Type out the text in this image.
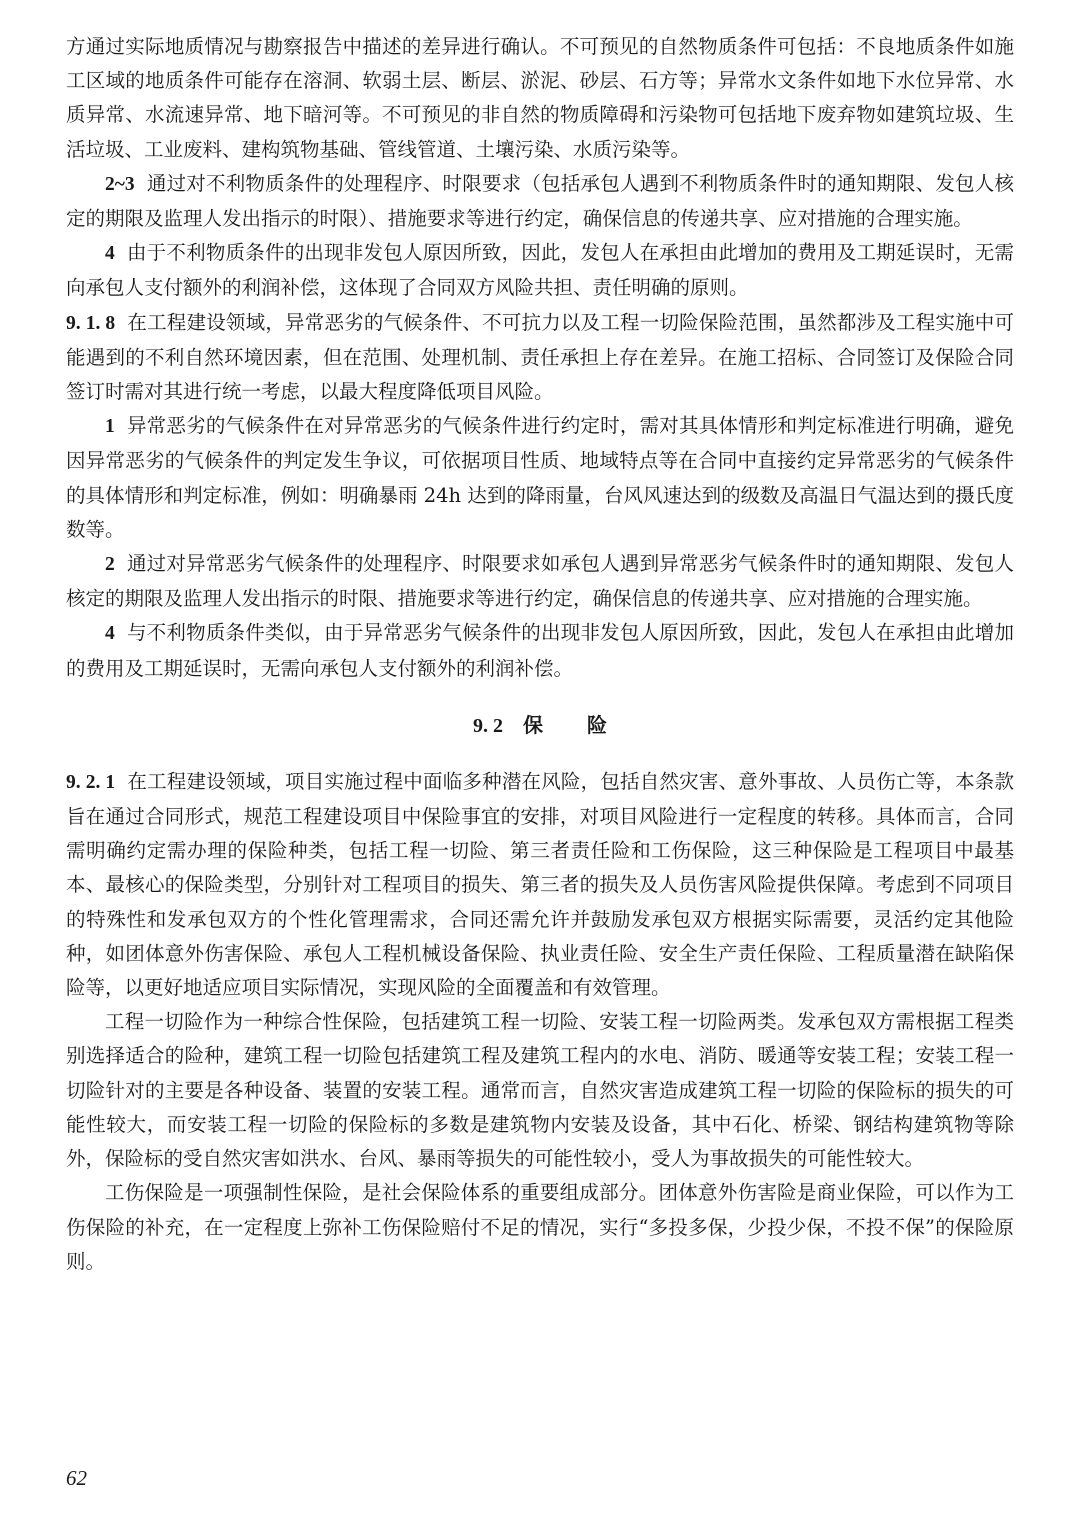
方通过实际地质情况与勘察报告中描述的差异进行确认。不可预见的自然物质条件可包括：不良地质条件如施工区域的地质条件可能存在溶洞、软弱土层、断层、淤泥、砂层、石方等；异常水文条件如地下水位异常、水质异常、水流速异常、地下暗河等。不可预见的非自然的物质障碍和污染物可包括地下废弃物如建筑垃圾、生活垃圾、工业废料、建构筑物基础、管线管道、土壤污染、水质污染等。

2~3 通过对不利物质条件的处理程序、时限要求（包括承包人遇到不利物质条件时的通知期限、发包人核定的期限及监理人发出指示的时限）、措施要求等进行约定，确保信息的传递共享、应对措施的合理实施。

4 由于不利物质条件的出现非发包人原因所致，因此，发包人在承担由此增加的费用及工期延误时，无需向承包人支付额外的利润补偿，这体现了合同双方风险共担、责任明确的原则。

9. 1. 8 在工程建设领域，异常恶劣的气候条件、不可抗力以及工程一切险保险范围，虽然都涉及工程实施中可能遇到的不利自然环境因素，但在范围、处理机制、责任承担上存在差异。在施工招标、合同签订及保险合同签订时需对其进行统一考虑，以最大程度降低项目风险。

1 异常恶劣的气候条件在对异常恶劣的气候条件进行约定时，需对其具体情形和判定标准进行明确，避免因异常恶劣的气候条件的判定发生争议，可依据项目性质、地域特点等在合同中直接约定异常恶劣的气候条件的具体情形和判定标准，例如：明确暴雨 24h 达到的降雨量，台风风速达到的级数及高温日气温达到的摄氏度数等。

2 通过对异常恶劣气候条件的处理程序、时限要求如承包人遇到异常恶劣气候条件时的通知期限、发包人核定的期限及监理人发出指示的时限、措施要求等进行约定，确保信息的传递共享、应对措施的合理实施。

4 与不利物质条件类似，由于异常恶劣气候条件的出现非发包人原因所致，因此，发包人在承担由此增加的费用及工期延误时，无需向承包人支付额外的利润补偿。

9. 2 保险

9. 2. 1 在工程建设领域，项目实施过程中面临多种潜在风险，包括自然灾害、意外事故、人员伤亡等，本条款旨在通过合同形式，规范工程建设项目中保险事宜的安排，对项目风险进行一定程度的转移。具体而言，合同需明确约定需办理的保险种类，包括工程一切险、第三者责任险和工伤保险，这三种保险是工程项目中最基本、最核心的保险类型，分别针对工程项目的损失、第三者的损失及人员伤害风险提供保障。考虑到不同项目的特殊性和发承包双方的个性化管理需求，合同还需允许并鼓励发承包双方根据实际需要，灵活约定其他险种，如团体意外伤害保险、承包人工程机械设备保险、执业责任险、安全生产责任保险、工程质量潜在缺陷保险等，以更好地适应项目实际情况，实现风险的全面覆盖和有效管理。

工程一切险作为一种综合性保险，包括建筑工程一切险、安装工程一切险两类。发承包双方需根据工程类别选择适合的险种，建筑工程一切险包括建筑工程及建筑工程内的水电、消防、暖通等安装工程；安装工程一切险针对的主要是各种设备、装置的安装工程。通常而言，自然灾害造成建筑工程一切险的保险标的损失的可能性较大，而安装工程一切险的保险标的多数是建筑物内安装及设备，其中石化、桥梁、钢结构建筑物等除外，保险标的受自然灾害如洪水、台风、暴雨等损失的可能性较小，受人为事故损失的可能性较大。

工伤保险是一项强制性保险，是社会保险体系的重要组成部分。团体意外伤害险是商业保险，可以作为工伤保险的补充，在一定程度上弥补工伤保险赔付不足的情况，实行“多投多保，少投少保，不投不保”的保险原则。

62
